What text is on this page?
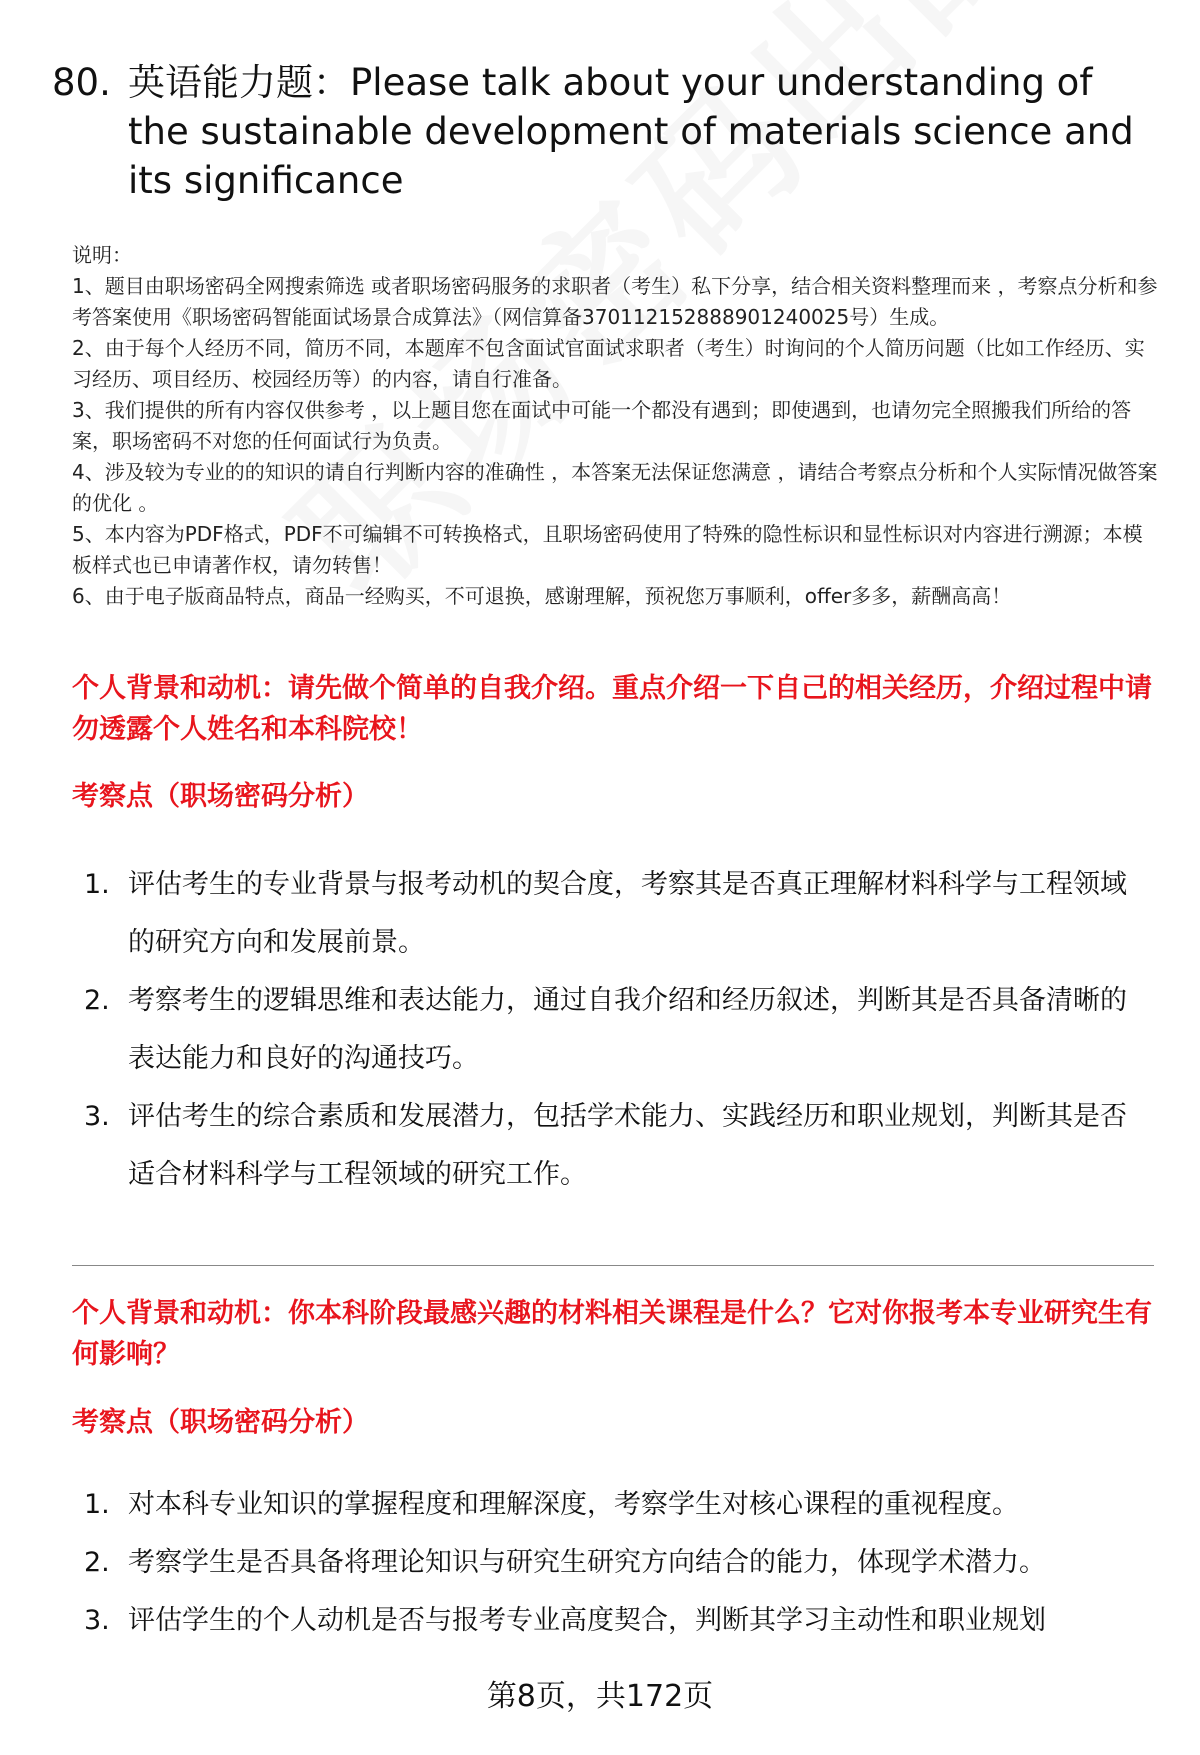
80. 英语能力题：Please talk about your understanding of the sustainable development of materials science and its significance
说明：
1、题目由职场密码全网搜索筛选 或者职场密码服务的求职者（考生）私下分享，结合相关资料整理而来 ，考察点分析和参考答案使用《职场密码智能面试场景合成算法》（网信算备370112152888901240025号）生成。
2、由于每个人经历不同，简历不同，本题库不包含面试官面试求职者（考生）时询问的个人简历问题（比如工作经历、实习经历、项目经历、校园经历等）的内容，请自行准备。
3、我们提供的所有内容仅供参考 ，以上题目您在面试中可能一个都没有遇到；即使遇到，也请勿完全照搬我们所给的答案，职场密码不对您的任何面试行为负责。
4、涉及较为专业的的知识的请自行判断内容的准确性 ，本答案无法保证您满意 ，请结合考察点分析和个人实际情况做答案的优化 。
5、本内容为PDF格式，PDF不可编辑不可转换格式，且职场密码使用了特殊的隐性标识和显性标识对内容进行溯源；本模板样式也已申请著作权，请勿转售！
6、由于电子版商品特点，商品一经购买，不可退换，感谢理解，预祝您万事顺利，offer多多，薪酬高高！
个人背景和动机：请先做个简单的自我介绍。重点介绍一下自己的相关经历，介绍过程中请勿透露个人姓名和本科院校！
考察点（职场密码分析）
1. 评估考生的专业背景与报考动机的契合度，考察其是否真正理解材料科学与工程领域的研究方向和发展前景。
2. 考察考生的逻辑思维和表达能力，通过自我介绍和经历叙述，判断其是否具备清晰的表达能力和良好的沟通技巧。
3. 评估考生的综合素质和发展潜力，包括学术能力、实践经历和职业规划，判断其是否适合材料科学与工程领域的研究工作。
个人背景和动机：你本科阶段最感兴趣的材料相关课程是什么？它对你报考本专业研究生有何影响？
考察点（职场密码分析）
1. 对本科专业知识的掌握程度和理解深度，考察学生对核心课程的重视程度。
2. 考察学生是否具备将理论知识与研究生研究方向结合的能力，体现学术潜力。
3. 评估学生的个人动机是否与报考专业高度契合，判断其学习主动性和职业规划
第8页，共172页
